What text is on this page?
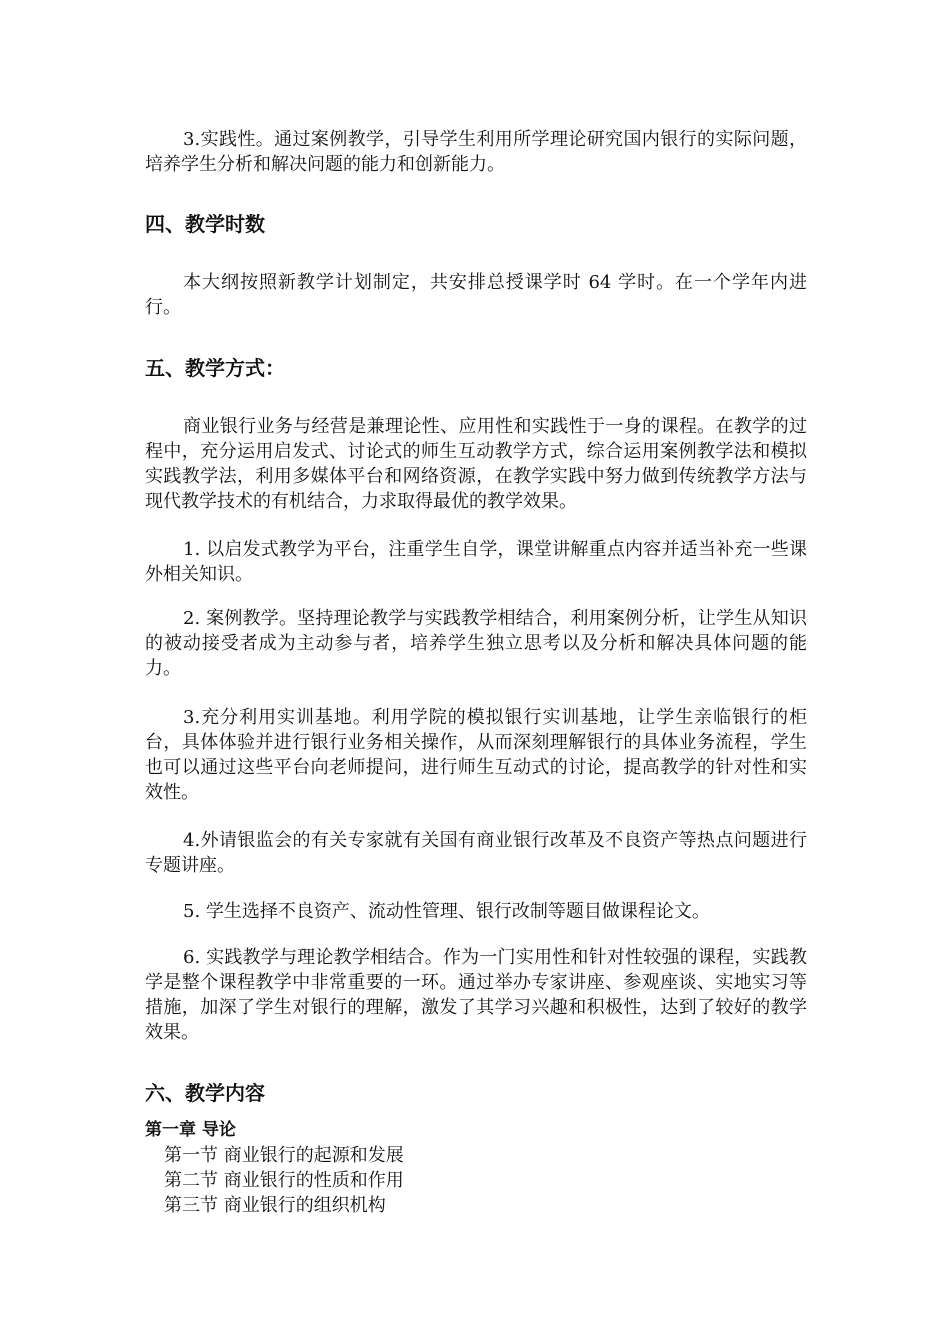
3.实践性。通过案例教学，引导学生利用所学理论研究国内银行的实际问题，培养学生分析和解决问题的能力和创新能力。

四、教学时数

本大纲按照新教学计划制定，共安排总授课学时 64 学时。在一个学年内进行。

五、教学方式：

商业银行业务与经营是兼理论性、应用性和实践性于一身的课程。在教学的过程中，充分运用启发式、讨论式的师生互动教学方式，综合运用案例教学法和模拟实践教学法，利用多媒体平台和网络资源，在教学实践中努力做到传统教学方法与现代教学技术的有机结合，力求取得最优的教学效果。

1. 以启发式教学为平台，注重学生自学，课堂讲解重点内容并适当补充一些课外相关知识。

2. 案例教学。坚持理论教学与实践教学相结合，利用案例分析，让学生从知识的被动接受者成为主动参与者，培养学生独立思考以及分析和解决具体问题的能力。

3.充分利用实训基地。利用学院的模拟银行实训基地，让学生亲临银行的柜台，具体体验并进行银行业务相关操作，从而深刻理解银行的具体业务流程，学生也可以通过这些平台向老师提问，进行师生互动式的讨论，提高教学的针对性和实效性。

4.外请银监会的有关专家就有关国有商业银行改革及不良资产等热点问题进行专题讲座。

5. 学生选择不良资产、流动性管理、银行改制等题目做课程论文。

6. 实践教学与理论教学相结合。作为一门实用性和针对性较强的课程，实践教学是整个课程教学中非常重要的一环。通过举办专家讲座、参观座谈、实地实习等措施，加深了学生对银行的理解，激发了其学习兴趣和积极性，达到了较好的教学效果。

六、教学内容
第一章 导论

第一节 商业银行的起源和发展

第二节 商业银行的性质和作用

第三节 商业银行的组织机构
